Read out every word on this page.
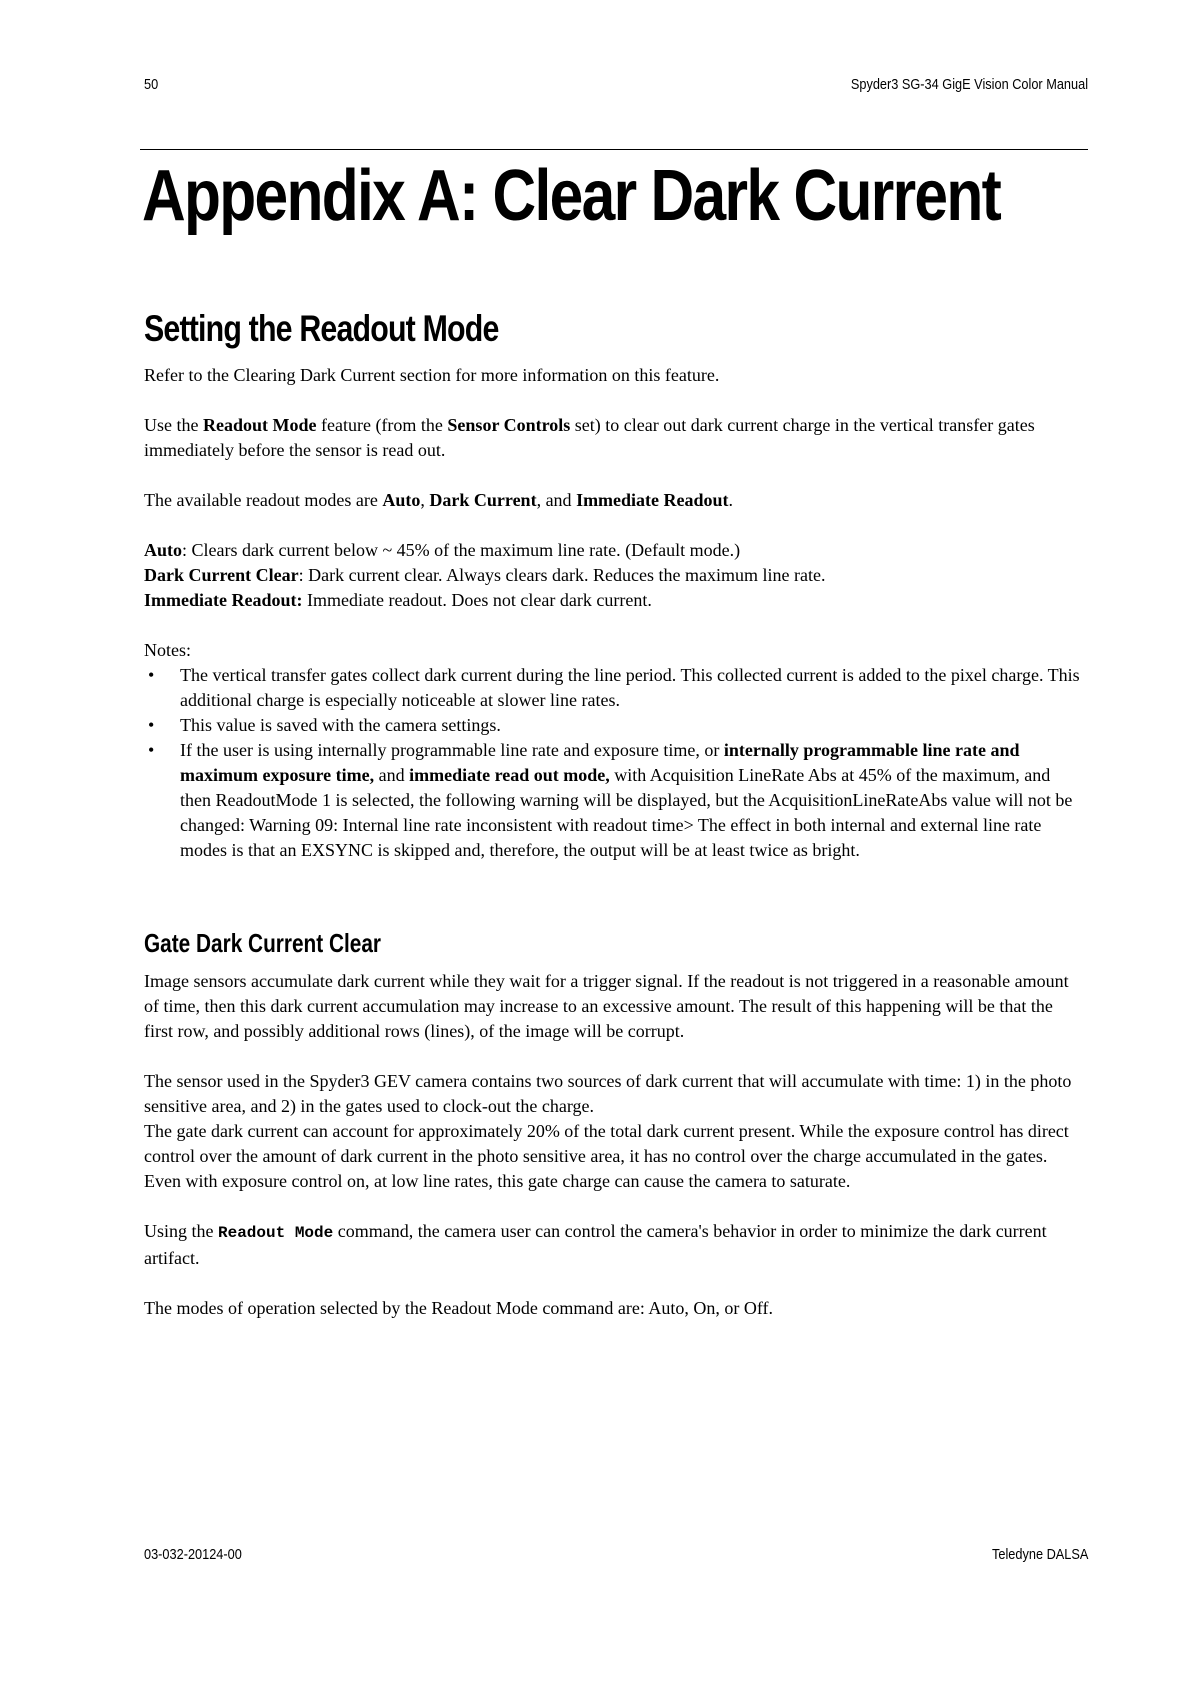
50	Spyder3 SG-34 GigE Vision Color Manual
Appendix A: Clear Dark Current
Setting the Readout Mode

Refer to the Clearing Dark Current section for more information on this feature.

Use the Readout Mode feature (from the Sensor Controls set) to clear out dark current charge in the vertical transfer gates immediately before the sensor is read out.

The available readout modes are Auto, Dark Current, and Immediate Readout.

Auto: Clears dark current below ~ 45% of the maximum line rate. (Default mode.)

Dark Current Clear: Dark current clear. Always clears dark. Reduces the maximum line rate.

Immediate Readout: Immediate readout. Does not clear dark current.

Notes:

• The vertical transfer gates collect dark current during the line period. This collected current is added to the pixel charge. This additional charge is especially noticeable at slower line rates.
• This value is saved with the camera settings.
• If the user is using internally programmable line rate and exposure time, or internally programmable line rate and maximum exposure time, and immediate read out mode, with Acquisition LineRate Abs at 45% of the maximum, and then ReadoutMode 1 is selected, the following warning will be displayed, but the AcquisitionLineRateAbs value will not be changed: Warning 09: Internal line rate inconsistent with readout time> The effect in both internal and external line rate modes is that an EXSYNC is skipped and, therefore, the output will be at least twice as bright.
Gate Dark Current Clear

Image sensors accumulate dark current while they wait for a trigger signal. If the readout is not triggered in a reasonable amount of time, then this dark current accumulation may increase to an excessive amount. The result of this happening will be that the first row, and possibly additional rows (lines), of the image will be corrupt.

The sensor used in the Spyder3 GEV camera contains two sources of dark current that will accumulate with time: 1) in the photo sensitive area, and 2) in the gates used to clock-out the charge.

The gate dark current can account for approximately 20% of the total dark current present. While the exposure control has direct control over the amount of dark current in the photo sensitive area, it has no control over the charge accumulated in the gates. Even with exposure control on, at low line rates, this gate charge can cause the camera to saturate.

Using the Readout Mode command, the camera user can control the camera's behavior in order to minimize the dark current artifact.

The modes of operation selected by the Readout Mode command are: Auto, On, or Off.

03-032-20124-00	Teledyne DALSA
